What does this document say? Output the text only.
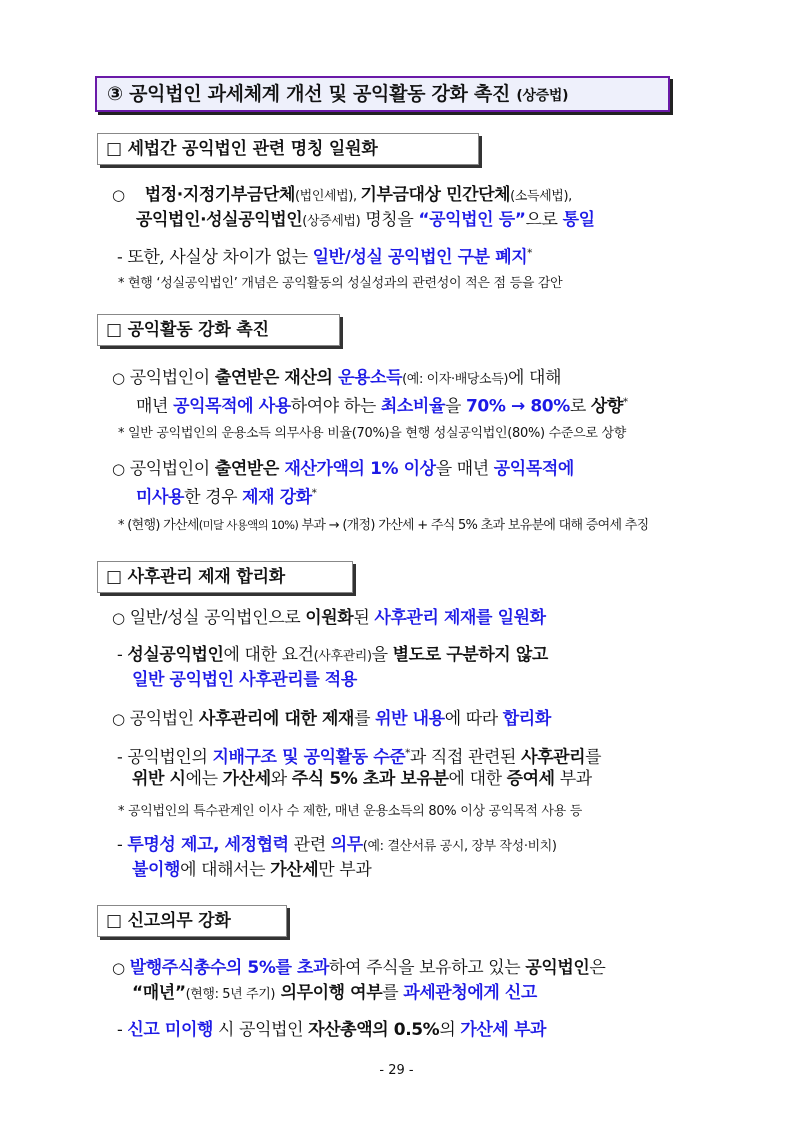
③ 공익법인 과세체계 개선 및 공익활동 강화 촉진 (상증법)
□ 세법간 공익법인 관련 명칭 일원화
○ 법정·지정기부금단체(법인세법), 기부금대상 민간단체(소득세법),
공익법인·성실공익법인(상증세법) 명칭을 “공익법인 등”으로 통일
- 또한, 사실상 차이가 없는 일반/성실 공익법인 구분 폐지*
* 현행 ‘성실공익법인’ 개념은 공익활동의 성실성과의 관련성이 적은 점 등을 감안
□ 공익활동 강화 촉진
○ 공익법인이 출연받은 재산의 운용소득(예: 이자·배당소득)에 대해
매년 공익목적에 사용하여야 하는 최소비율을 70% → 80%로 상향*
* 일반 공익법인의 운용소득 의무사용 비율(70%)을 현행 성실공익법인(80%) 수준으로 상향
○ 공익법인이 출연받은 재산가액의 1% 이상을 매년 공익목적에
미사용한 경우 제재 강화*
* (현행) 가산세(미달 사용액의 10%) 부과 → (개정) 가산세 + 주식 5% 초과 보유분에 대해 증여세 추징
□ 사후관리 제재 합리화
○ 일반/성실 공익법인으로 이원화된 사후관리 제재를 일원화
- 성실공익법인에 대한 요건(사후관리)을 별도로 구분하지 않고
일반 공익법인 사후관리를 적용
○ 공익법인 사후관리에 대한 제재를 위반 내용에 따라 합리화
- 공익법인의 지배구조 및 공익활동 수준*과 직접 관련된 사후관리를
위반 시에는 가산세와 주식 5% 초과 보유분에 대한 증여세 부과
* 공익법인의 특수관계인 이사 수 제한, 매년 운용소득의 80% 이상 공익목적 사용 등
- 투명성 제고, 세정협력 관련 의무(예: 결산서류 공시, 장부 작성·비치)
불이행에 대해서는 가산세만 부과
□ 신고의무 강화
○ 발행주식총수의 5%를 초과하여 주식을 보유하고 있는 공익법인은
“매년”(현행: 5년 주기) 의무이행 여부를 과세관청에게 신고
- 신고 미이행 시 공익법인 자산총액의 0.5%의 가산세 부과
- 29 -
